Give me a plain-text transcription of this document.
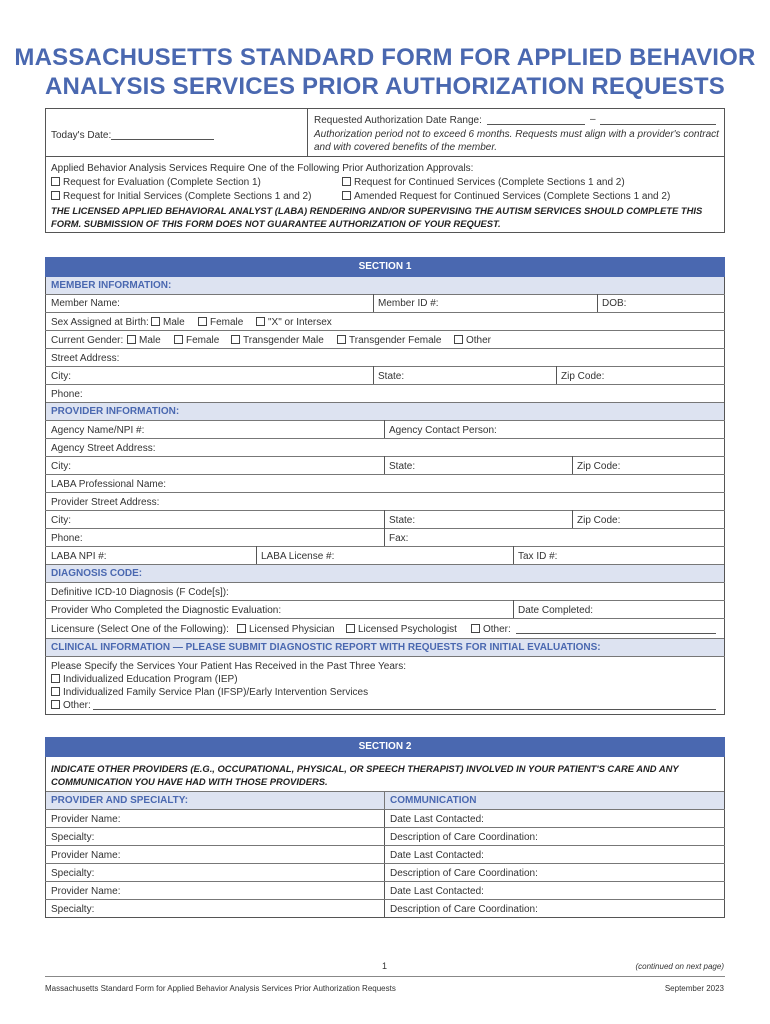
MASSACHUSETTS STANDARD FORM FOR APPLIED BEHAVIOR
ANALYSIS SERVICES PRIOR AUTHORIZATION REQUESTS
Today's Date:
Requested Authorization Date Range:	–
Authorization period not to exceed 6 months. Requests must align with a provider's contract
and with covered benefits of the member.
Applied Behavior Analysis Services Require One of the Following Prior Authorization Approvals:
Request for Evaluation (Complete Section 1)	Request for Continued Services (Complete Sections 1 and 2)
Request for Initial Services (Complete Sections 1 and 2)	Amended Request for Continued Services (Complete Sections 1 and 2)
THE LICENSED APPLIED BEHAVIORAL ANALYST (LABA) RENDERING AND/OR SUPERVISING THE AUTISM SERVICES SHOULD COMPLETE THIS
FORM. SUBMISSION OF THIS FORM DOES NOT GUARANTEE AUTHORIZATION OF YOUR REQUEST.
SECTION 1
MEMBER INFORMATION:
Member Name:	Member ID #:	DOB:
Sex Assigned at Birth:	Male	Female	"X" or Intersex
Current Gender:	Male	Female	Transgender Male	Transgender Female	Other
Street Address:
City:	State:	Zip Code:
Phone:
PROVIDER INFORMATION:
Agency Name/NPI #:	Agency Contact Person:
Agency Street Address:
City:	State:	Zip Code:
LABA Professional Name:
Provider Street Address:
City:	State:	Zip Code:
Phone:	Fax:
LABA NPI #:	LABA License #:	Tax ID #:
DIAGNOSIS CODE:
Definitive ICD-10 Diagnosis (F Code[s]):
Provider Who Completed the Diagnostic Evaluation:	Date Completed:
Licensure (Select One of the Following):	Licensed Physician	Licensed Psychologist	Other:
CLINICAL INFORMATION — PLEASE SUBMIT DIAGNOSTIC REPORT WITH REQUESTS FOR INITIAL EVALUATIONS:
Please Specify the Services Your Patient Has Received in the Past Three Years:
Individualized Education Program (IEP)
Individualized Family Service Plan (IFSP)/Early Intervention Services
Other:
SECTION 2
INDICATE OTHER PROVIDERS (E.G., OCCUPATIONAL, PHYSICAL, OR SPEECH THERAPIST) INVOLVED IN YOUR PATIENT'S CARE AND ANY
COMMUNICATION YOU HAVE HAD WITH THOSE PROVIDERS.
PROVIDER AND SPECIALTY:	COMMUNICATION
Provider Name:	Date Last Contacted:
Specialty:	Description of Care Coordination:
Provider Name:	Date Last Contacted:
Specialty:	Description of Care Coordination:
Provider Name:	Date Last Contacted:
Specialty:	Description of Care Coordination:
1	(continued on next page)
Massachusetts Standard Form for Applied Behavior Analysis Services Prior Authorization Requests	September 2023
